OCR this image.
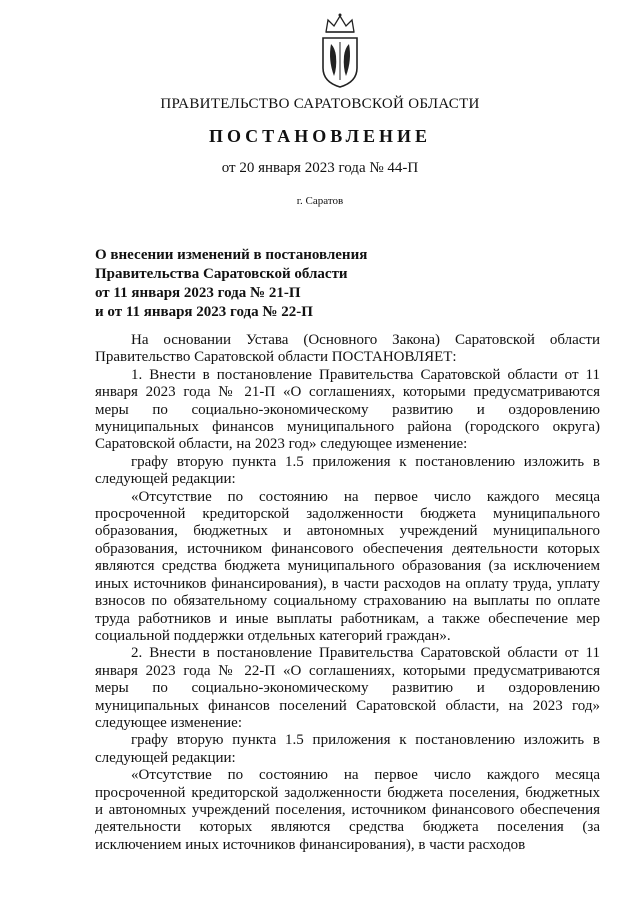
ПРАВИТЕЛЬСТВО САРАТОВСКОЙ ОБЛАСТИ
ПОСТАНОВЛЕНИЕ
от 20 января 2023 года № 44-П
г. Саратов
О внесении изменений в постановления
Правительства Саратовской области
от 11 января 2023 года № 21-П
и от 11 января 2023 года № 22-П

На основании Устава (Основного Закона) Саратовской области Правительство Саратовской области ПОСТАНОВЛЯЕТ:

1. Внести в постановление Правительства Саратовской области от 11 января 2023 года № 21-П «О соглашениях, которыми предусматриваются меры по социально-экономическому развитию и оздоровлению муниципальных финансов муниципального района (городского округа) Саратовской области, на 2023 год» следующее изменение:

графу вторую пункта 1.5 приложения к постановлению изложить в следующей редакции:

«Отсутствие по состоянию на первое число каждого месяца просроченной кредиторской задолженности бюджета муниципального образования, бюджетных и автономных учреждений муниципального образования, источником финансового обеспечения деятельности которых являются средства бюджета муниципального образования (за исключением иных источников финансирования), в части расходов на оплату труда, уплату взносов по обязательному социальному страхованию на выплаты по оплате труда работников и иные выплаты работникам, а также обеспечение мер социальной поддержки отдельных категорий граждан».

2. Внести в постановление Правительства Саратовской области от 11 января 2023 года № 22-П «О соглашениях, которыми предусматриваются меры по социально-экономическому развитию и оздоровлению муниципальных финансов поселений Саратовской области, на 2023 год» следующее изменение:

графу вторую пункта 1.5 приложения к постановлению изложить в следующей редакции:

«Отсутствие по состоянию на первое число каждого месяца просроченной кредиторской задолженности бюджета поселения, бюджетных и автономных учреждений поселения, источником финансового обеспечения деятельности которых являются средства бюджета поселения (за исключением иных источников финансирования), в части расходов
